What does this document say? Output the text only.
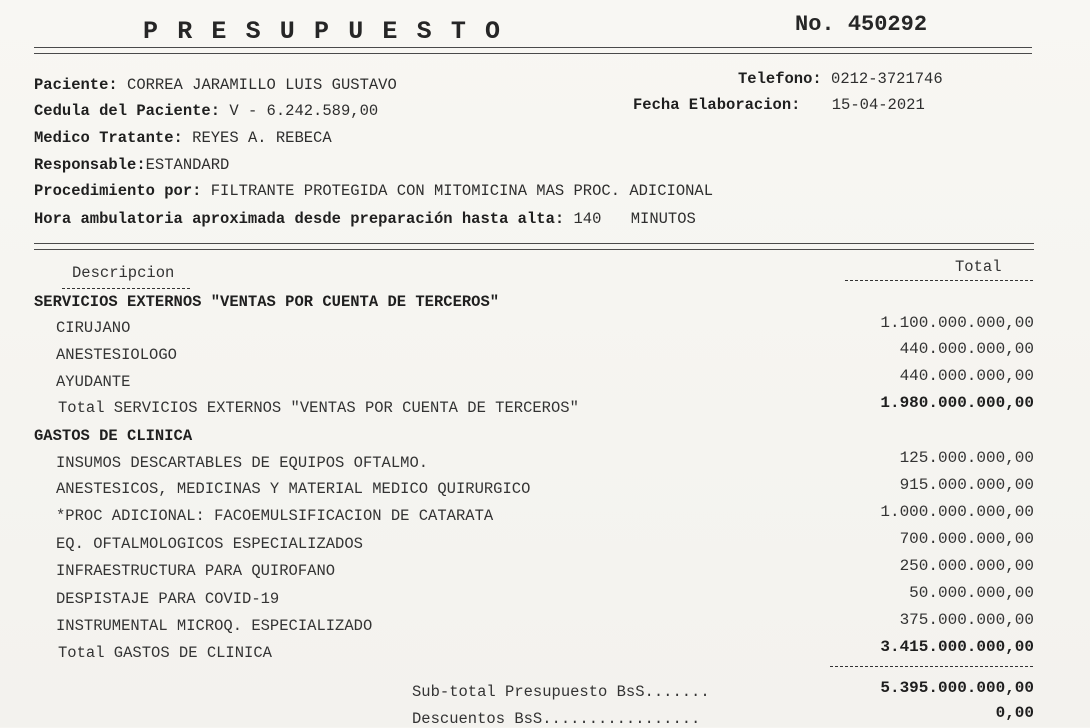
PRESUPUESTO	No. 450292
Paciente: CORREA JARAMILLO LUIS GUSTAVO	Telefono: 0212-3721746
Cedula del Paciente: V - 6.242.589,00	Fecha Elaboracion: 15-04-2021
Medico Tratante: REYES A. REBECA
Responsable:ESTANDARD
Procedimiento por: FILTRANTE PROTEGIDA CON MITOMICINA MAS PROC. ADICIONAL
Hora ambulatoria aproximada desde preparación hasta alta: 140 MINUTOS
Descripcion	Total
SERVICIOS EXTERNOS "VENTAS POR CUENTA DE TERCEROS"
CIRUJANO	1.100.000.000,00
ANESTESIOLOGO	440.000.000,00
AYUDANTE	440.000.000,00
Total SERVICIOS EXTERNOS "VENTAS POR CUENTA DE TERCEROS"	1.980.000.000,00
GASTOS DE CLINICA
INSUMOS DESCARTABLES DE EQUIPOS OFTALMO.	125.000.000,00
ANESTESICOS, MEDICINAS Y MATERIAL MEDICO QUIRURGICO	915.000.000,00
*PROC ADICIONAL: FACOEMULSIFICACION DE CATARATA	1.000.000.000,00
EQ. OFTALMOLOGICOS ESPECIALIZADOS	700.000.000,00
INFRAESTRUCTURA PARA QUIROFANO	250.000.000,00
DESPISTAJE PARA COVID-19	50.000.000,00
INSTRUMENTAL MICROQ. ESPECIALIZADO	375.000.000,00
Total GASTOS DE CLINICA	3.415.000.000,00
Sub-total Presupuesto BsS.......	5.395.000.000,00
Descuentos BsS.................	0,00
